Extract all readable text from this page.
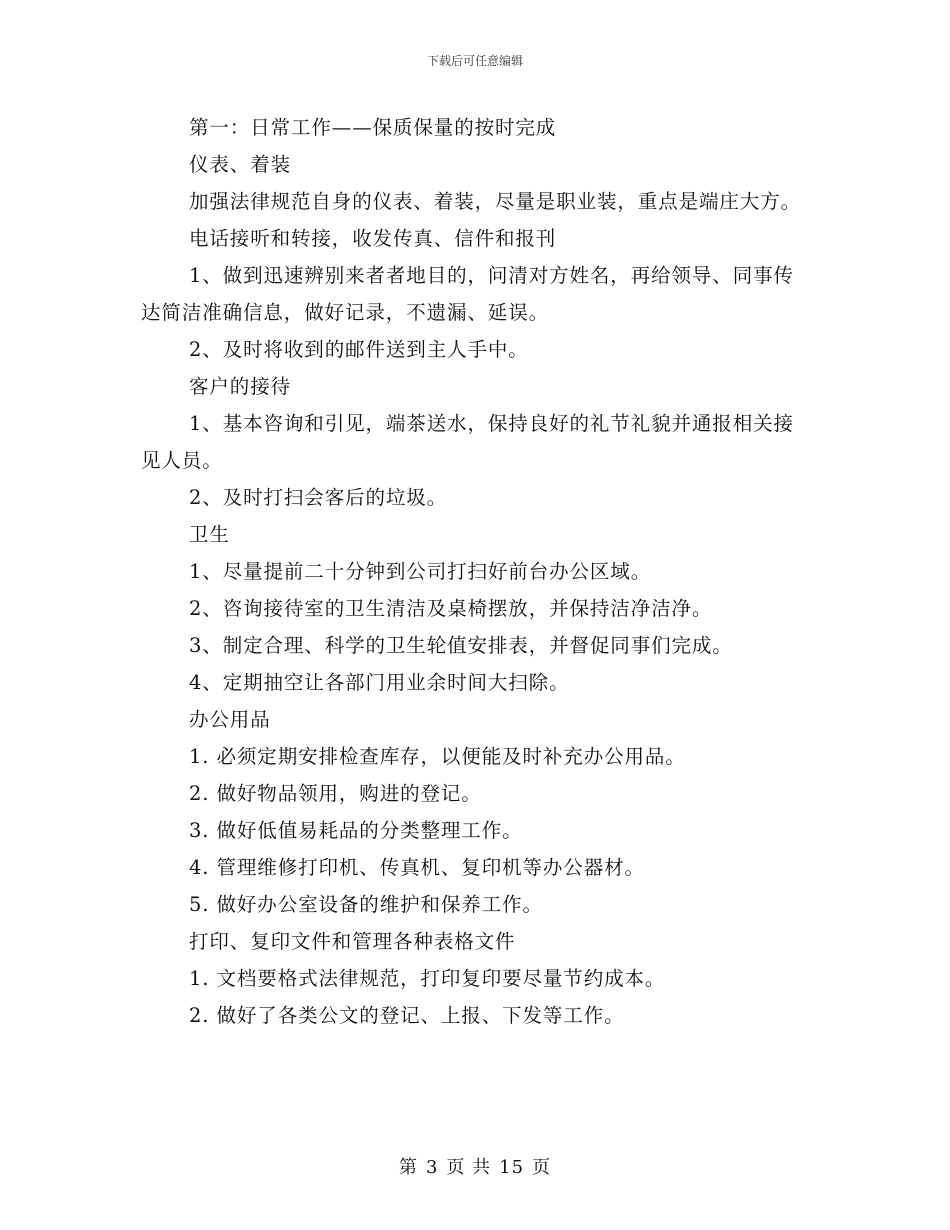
下载后可任意编辑

第一：日常工作——保质保量的按时完成

仪表、着装

加强法律规范自身的仪表、着装，尽量是职业装，重点是端庄大方。

电话接听和转接，收发传真、信件和报刊

1、做到迅速辨别来者者地目的，问清对方姓名，再给领导、同事传达简洁准确信息，做好记录，不遗漏、延误。

2、及时将收到的邮件送到主人手中。

客户的接待

1、基本咨询和引见，端茶送水，保持良好的礼节礼貌并通报相关接见人员。

2、及时打扫会客后的垃圾。

卫生

1、尽量提前二十分钟到公司打扫好前台办公区域。

2、咨询接待室的卫生清洁及桌椅摆放，并保持洁净洁净。

3、制定合理、科学的卫生轮值安排表，并督促同事们完成。

4、定期抽空让各部门用业余时间大扫除。

办公用品

1. 必须定期安排检查库存，以便能及时补充办公用品。

2. 做好物品领用，购进的登记。

3. 做好低值易耗品的分类整理工作。

4. 管理维修打印机、传真机、复印机等办公器材。

5. 做好办公室设备的维护和保养工作。

打印、复印文件和管理各种表格文件

1. 文档要格式法律规范，打印复印要尽量节约成本。

2. 做好了各类公文的登记、上报、下发等工作。

第 3 页 共 15 页
